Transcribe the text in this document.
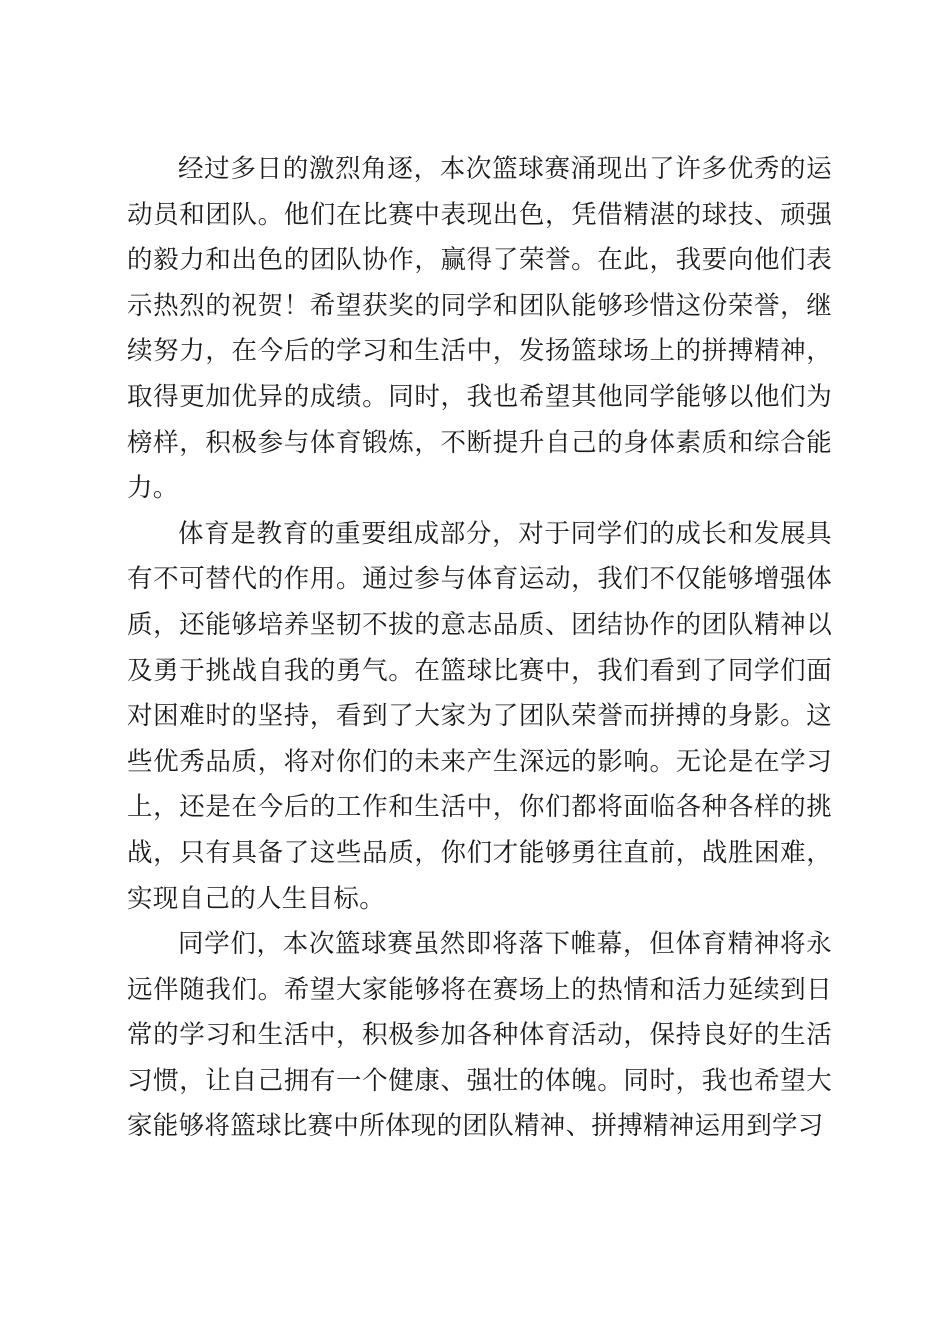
经过多日的激烈角逐，本次篮球赛涌现出了许多优秀的运动员和团队。他们在比赛中表现出色，凭借精湛的球技、顽强的毅力和出色的团队协作，赢得了荣誉。在此，我要向他们表示热烈的祝贺！希望获奖的同学和团队能够珍惜这份荣誉，继续努力，在今后的学习和生活中，发扬篮球场上的拼搏精神，取得更加优异的成绩。同时，我也希望其他同学能够以他们为榜样，积极参与体育锻炼，不断提升自己的身体素质和综合能力。

体育是教育的重要组成部分，对于同学们的成长和发展具有不可替代的作用。通过参与体育运动，我们不仅能够增强体质，还能够培养坚韧不拔的意志品质、团结协作的团队精神以及勇于挑战自我的勇气。在篮球比赛中，我们看到了同学们面对困难时的坚持，看到了大家为了团队荣誉而拼搏的身影。这些优秀品质，将对你们的未来产生深远的影响。无论是在学习上，还是在今后的工作和生活中，你们都将面临各种各样的挑战，只有具备了这些品质，你们才能够勇往直前，战胜困难，实现自己的人生目标。

同学们，本次篮球赛虽然即将落下帷幕，但体育精神将永远伴随我们。希望大家能够将在赛场上的热情和活力延续到日常的学习和生活中，积极参加各种体育活动，保持良好的生活习惯，让自己拥有一个健康、强壮的体魄。同时，我也希望大家能够将篮球比赛中所体现的团队精神、拼搏精神运用到学习
